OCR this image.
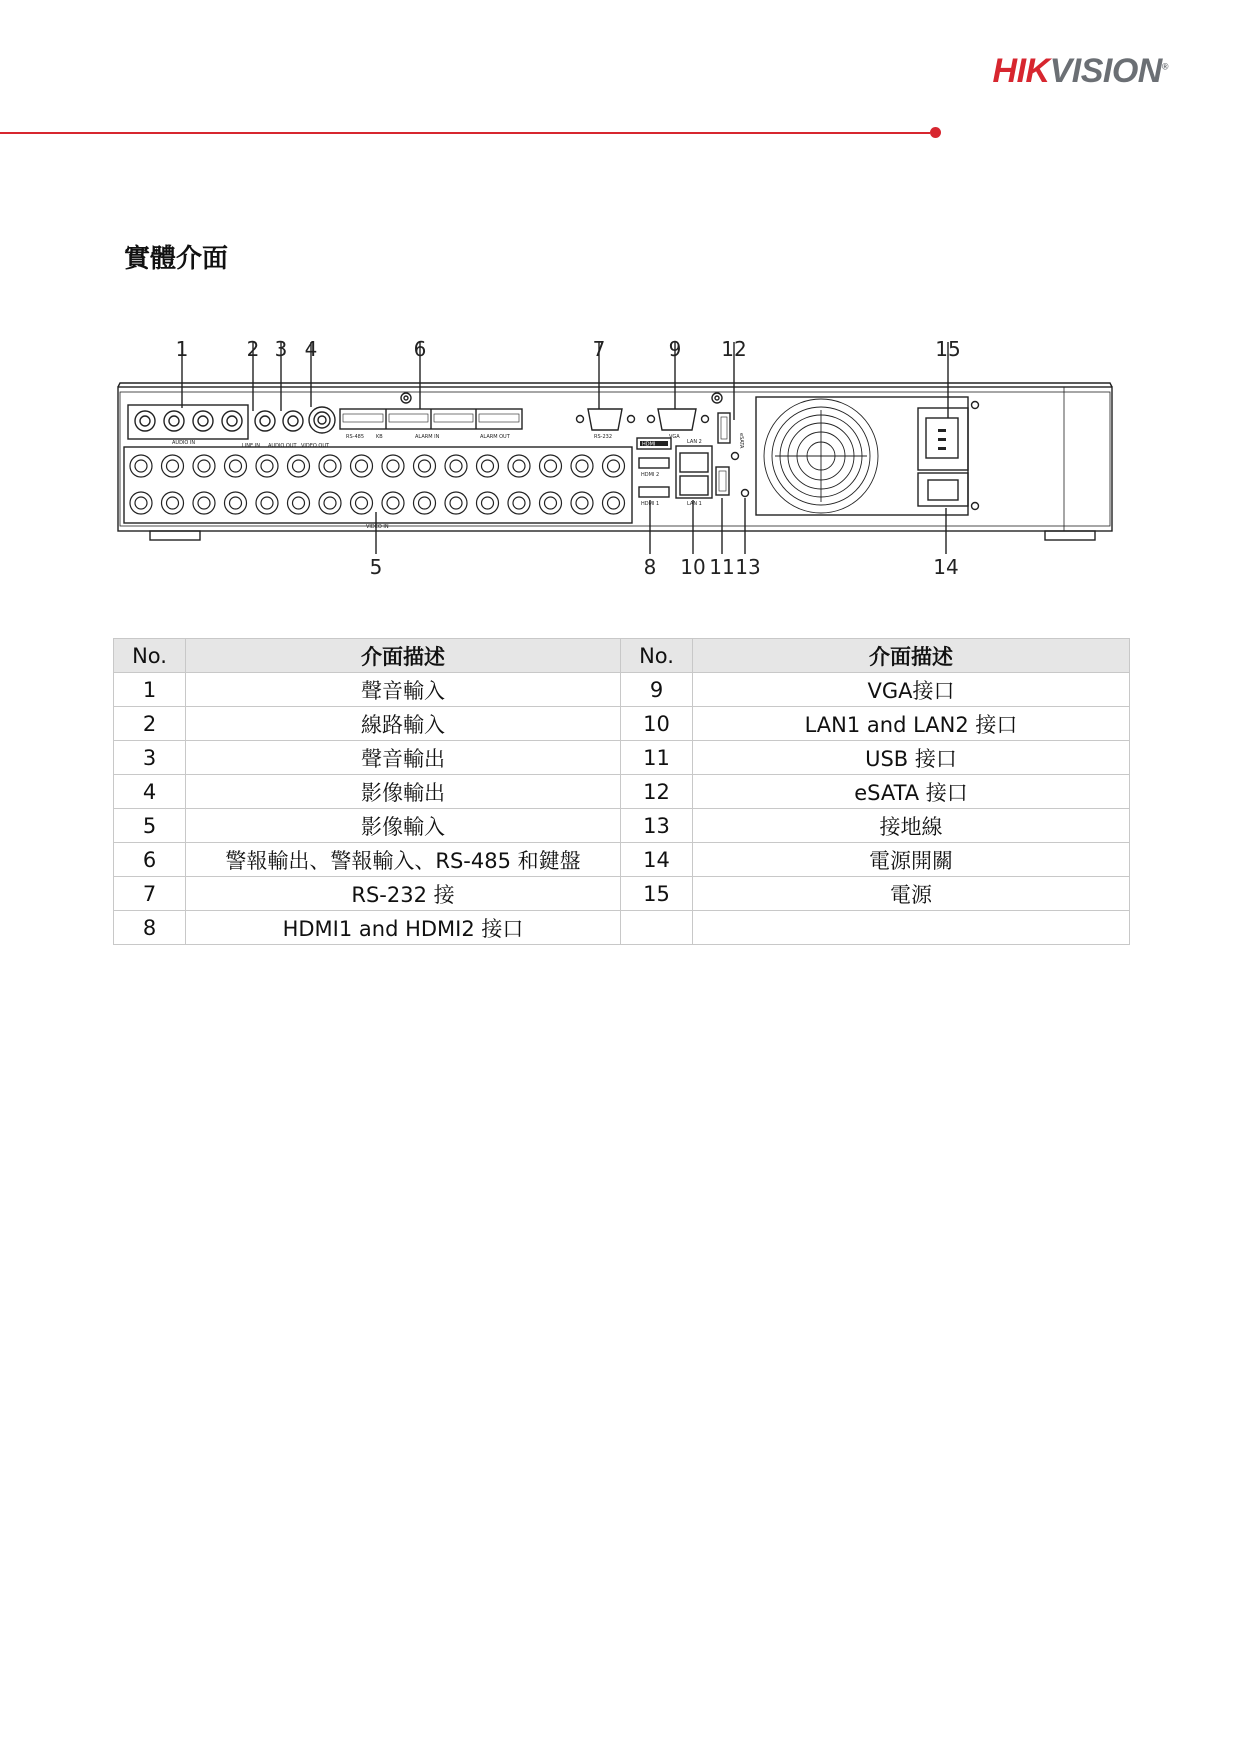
HIKVISION®
實體介面
AUDIO IN	LINE IN AUDIO OUT VIDEO OUT
RS-485 KB	ALARM IN	ALARM OUT	RS-232	VGA
LAN 2
LAN 1
HDMI 2
HDMI 1
HDMI	eSATA
VIDEO IN
1	2 3 4	6	7	9 12	15
5	8 10 11 13	14
No.	介面描述	No.	介面描述
1	聲音輸入	9	VGA接口
2	線路輸入	10	LAN1 and LAN2 接口
3	聲音輸出	11	USB 接口
4	影像輸出	12	eSATA 接口
5	影像輸入	13	接地線
6	警報輸出、警報輸入、RS-485 和鍵盤	14	電源開關
7	RS-232 接	15	電源
8	HDMI1 and HDMI2 接口		
